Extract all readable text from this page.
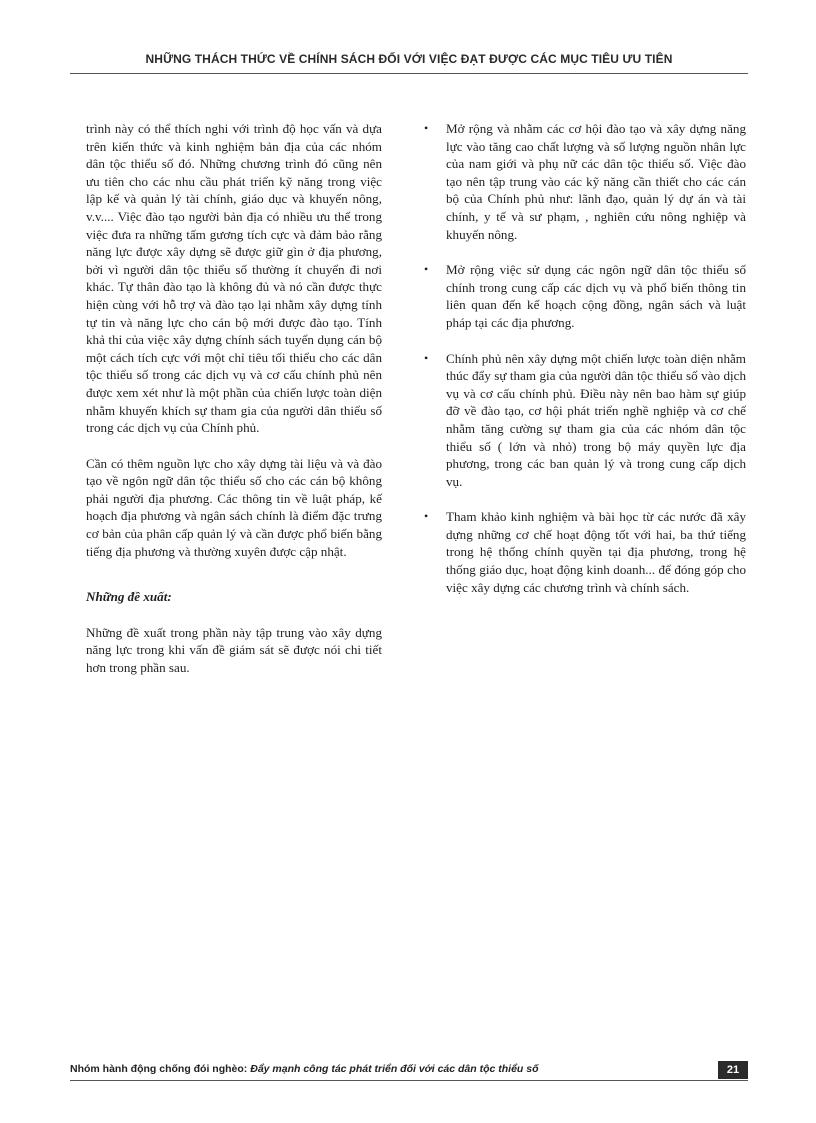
NHỮNG THÁCH THỨC VỀ CHÍNH SÁCH ĐỐI VỚI VIỆC ĐẠT ĐƯỢC CÁC MỤC TIÊU ƯU TIÊN

trình này có thể thích nghi với trình độ học vấn và dựa trên kiến thức và kinh nghiệm bản địa của các nhóm dân tộc thiểu số đó. Những chương trình đó cũng nên ưu tiên cho các nhu cầu phát triển kỹ năng trong việc lập kế và quản lý tài chính, giáo dục và khuyến nông, v.v.... Việc đào tạo người bản địa có nhiều ưu thế trong việc đưa ra những tấm gương tích cực và đảm bảo rằng năng lực được xây dựng sẽ được giữ gìn ở địa phương, bởi vì người dân tộc thiểu số thường ít chuyển đi nơi khác. Tự thân đào tạo là không đủ và nó cần được thực hiện cùng với hỗ trợ và đào tạo lại nhằm xây dựng tính tự tin và năng lực cho cán bộ mới được đào tạo. Tính khả thi của việc xây dựng chính sách tuyển dụng cán bộ một cách tích cực với một chỉ tiêu tối thiểu cho các dân tộc thiểu số trong các dịch vụ và cơ cấu chính phủ nên được xem xét như là một phần của chiến lược toàn diện nhằm khuyến khích sự tham gia của người dân thiểu số trong các dịch vụ của Chính phủ.

Cần có thêm nguồn lực cho xây dựng tài liệu và và đào tạo về ngôn ngữ dân tộc thiểu số cho các cán bộ không phải người địa phương. Các thông tin về luật pháp, kế hoạch địa phương và ngân sách chính là điểm đặc trưng cơ bản của phân cấp quản lý và cần được phổ biến bằng tiếng địa phương và thường xuyên được cập nhật.

Những đề xuất:

Những đề xuất trong phần này tập trung vào xây dựng năng lực trong khi vấn đề giám sát sẽ được nói chi tiết hơn trong phần sau.

• Mở rộng và nhằm các cơ hội đào tạo và xây dựng năng lực vào tăng cao chất lượng và số lượng nguồn nhân lực của nam giới và phụ nữ các dân tộc thiểu số. Việc đào tạo nên tập trung vào các kỹ năng cần thiết cho các cán bộ của Chính phủ như: lãnh đạo, quản lý dự án và tài chính, y tế và sư phạm, , nghiên cứu nông nghiệp và khuyến nông.
• Mở rộng việc sử dụng các ngôn ngữ dân tộc thiểu số chính trong cung cấp các dịch vụ và phổ biến thông tin liên quan đến kế hoạch cộng đồng, ngân sách và luật pháp tại các địa phương.
• Chính phủ nên xây dựng một chiến lược toàn diện nhằm thúc đẩy sự tham gia của người dân tộc thiểu số vào dịch vụ và cơ cấu chính phủ. Điều này nên bao hàm sự giúp đỡ về đào tạo, cơ hội phát triển nghề nghiệp và cơ chế nhằm tăng cường sự tham gia của các nhóm dân tộc thiểu số ( lớn và nhỏ) trong bộ máy quyền lực địa phương, trong các ban quản lý và trong cung cấp dịch vụ.
• Tham khảo kinh nghiệm và bài học từ các nước đã xây dựng những cơ chế hoạt động tốt với hai, ba thứ tiếng trong hệ thống chính quyền tại địa phương, trong hệ thống giáo dục, hoạt động kinh doanh... để đóng góp cho việc xây dựng các chương trình và chính sách.
Nhóm hành động chống đói nghèo: Đẩy mạnh công tác phát triển đối với các dân tộc thiểu số	21
